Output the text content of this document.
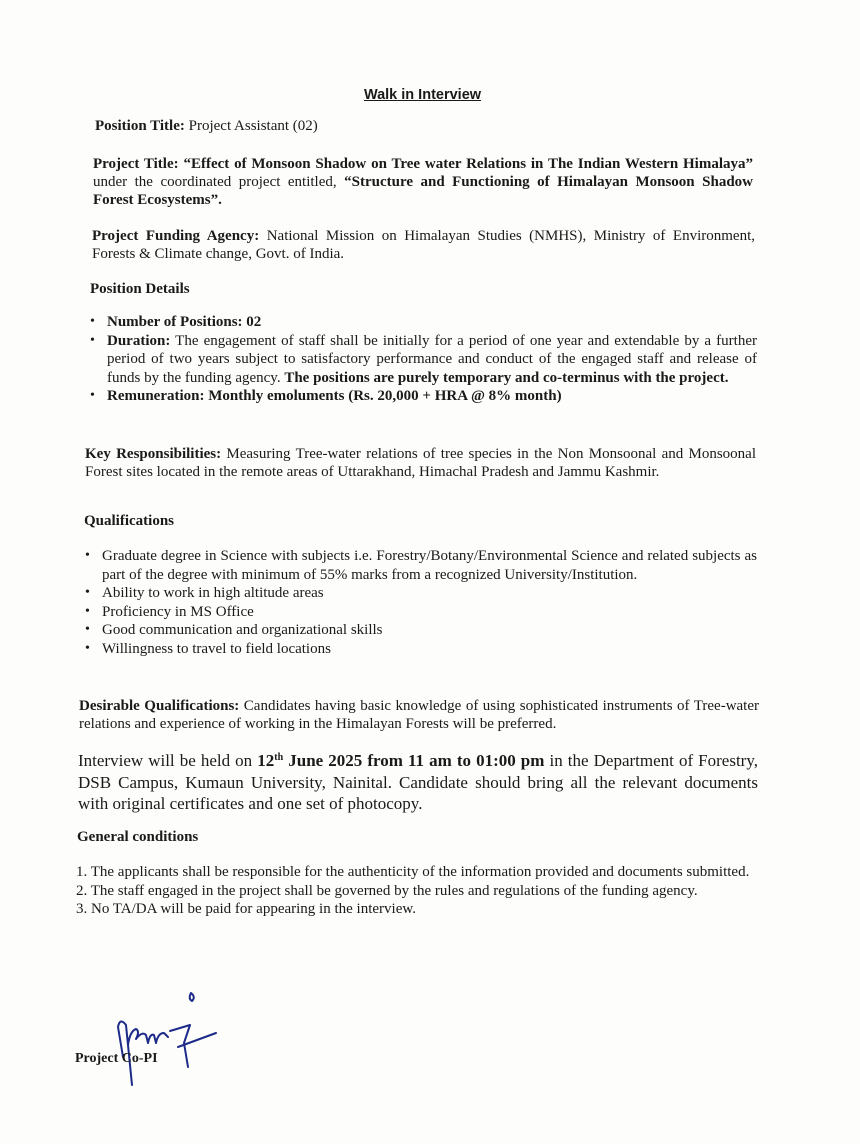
Walk in Interview
Position Title: Project Assistant (02)
Project Title: “Effect of Monsoon Shadow on Tree water Relations in The Indian Western Himalaya” under the coordinated project entitled, “Structure and Functioning of Himalayan Monsoon Shadow Forest Ecosystems”.
Project Funding Agency: National Mission on Himalayan Studies (NMHS), Ministry of Environment, Forests & Climate change, Govt. of India.
Position Details
• Number of Positions: 02
• Duration: The engagement of staff shall be initially for a period of one year and extendable by a further period of two years subject to satisfactory performance and conduct of the engaged staff and release of funds by the funding agency. The positions are purely temporary and co-terminus with the project.
• Remuneration: Monthly emoluments (Rs. 20,000 + HRA @ 8% month)
Key Responsibilities: Measuring Tree-water relations of tree species in the Non Monsoonal and Monsoonal Forest sites located in the remote areas of Uttarakhand, Himachal Pradesh and Jammu Kashmir.
Qualifications
• Graduate degree in Science with subjects i.e. Forestry/Botany/Environmental Science and related subjects as part of the degree with minimum of 55% marks from a recognized University/Institution.
• Ability to work in high altitude areas
• Proficiency in MS Office
• Good communication and organizational skills
• Willingness to travel to field locations
Desirable Qualifications: Candidates having basic knowledge of using sophisticated instruments of Tree-water relations and experience of working in the Himalayan Forests will be preferred.
Interview will be held on 12th June 2025 from 11 am to 01:00 pm in the Department of Forestry, DSB Campus, Kumaun University, Nainital. Candidate should bring all the relevant documents with original certificates and one set of photocopy.
General conditions
1. The applicants shall be responsible for the authenticity of the information provided and documents submitted.
2. The staff engaged in the project shall be governed by the rules and regulations of the funding agency.
3. No TA/DA will be paid for appearing in the interview.
Project Co-PI
